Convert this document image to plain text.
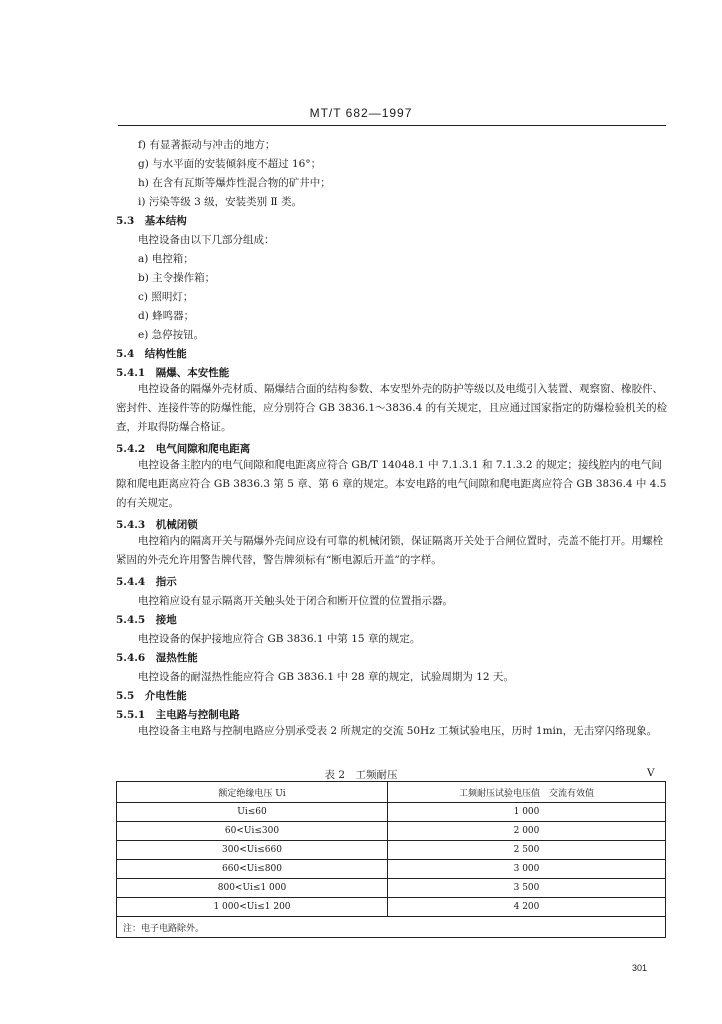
MT/T 682—1997
f) 有显著振动与冲击的地方；
g) 与水平面的安装倾斜度不超过 16°；
h) 在含有瓦斯等爆炸性混合物的矿井中；
i) 污染等级 3 级，安装类别 Ⅱ 类。
5.3　 基本结构
电控设备由以下几部分组成：
a) 电控箱；
b) 主令操作箱；
c) 照明灯；
d) 蜂鸣器；
e) 急停按钮。
5.4　 结构性能
5.4.1　 隔爆、本安性能
电控设备的隔爆外壳材质、隔爆结合面的结构参数、本安型外壳的防护等级以及电缆引入装置、观察窗、橡胶件、密封件、连接件等的防爆性能，应分别符合 GB 3836.1～3836.4 的有关规定，且应通过国家指定的防爆检验机关的检查，并取得防爆合格证。
5.4.2　 电气间隙和爬电距离
电控设备主腔内的电气间隙和爬电距离应符合 GB/T 14048.1 中 7.1.3.1 和 7.1.3.2 的规定；接线腔内的电气间隙和爬电距离应符合 GB 3836.3 第 5 章、第 6 章的规定。本安电路的电气间隙和爬电距离应符合 GB 3836.4 中 4.5 的有关规定。
5.4.3　 机械闭锁
电控箱内的隔离开关与隔爆外壳间应设有可靠的机械闭锁，保证隔离开关处于合闸位置时，壳盖不能打开。用螺栓紧固的外壳允许用警告牌代替，警告牌须标有“断电源后开盖”的字样。
5.4.4　 指示
电控箱应设有显示隔离开关触头处于闭合和断开位置的位置指示器。
5.4.5　 接地
电控设备的保护接地应符合 GB 3836.1 中第 15 章的规定。
5.4.6　 湿热性能
电控设备的耐湿热性能应符合 GB 3836.1 中 28 章的规定，试验周期为 12 天。
5.5　 介电性能
5.5.1　 主电路与控制电路
电控设备主电路与控制电路应分别承受表 2 所规定的交流 50Hz 工频试验电压，历时 1min，无击穿闪络现象。
表 2　工频耐压	V
额定绝缘电压 Ui	工频耐压试验电压值　交流有效值
Ui≤60	1 000
60<Ui≤300	2 000
300<Ui≤660	2 500
660<Ui≤800	3 000
800<Ui≤1 000	3 500
1 000<Ui≤1 200	4 200
注：电子电路除外。	
301
